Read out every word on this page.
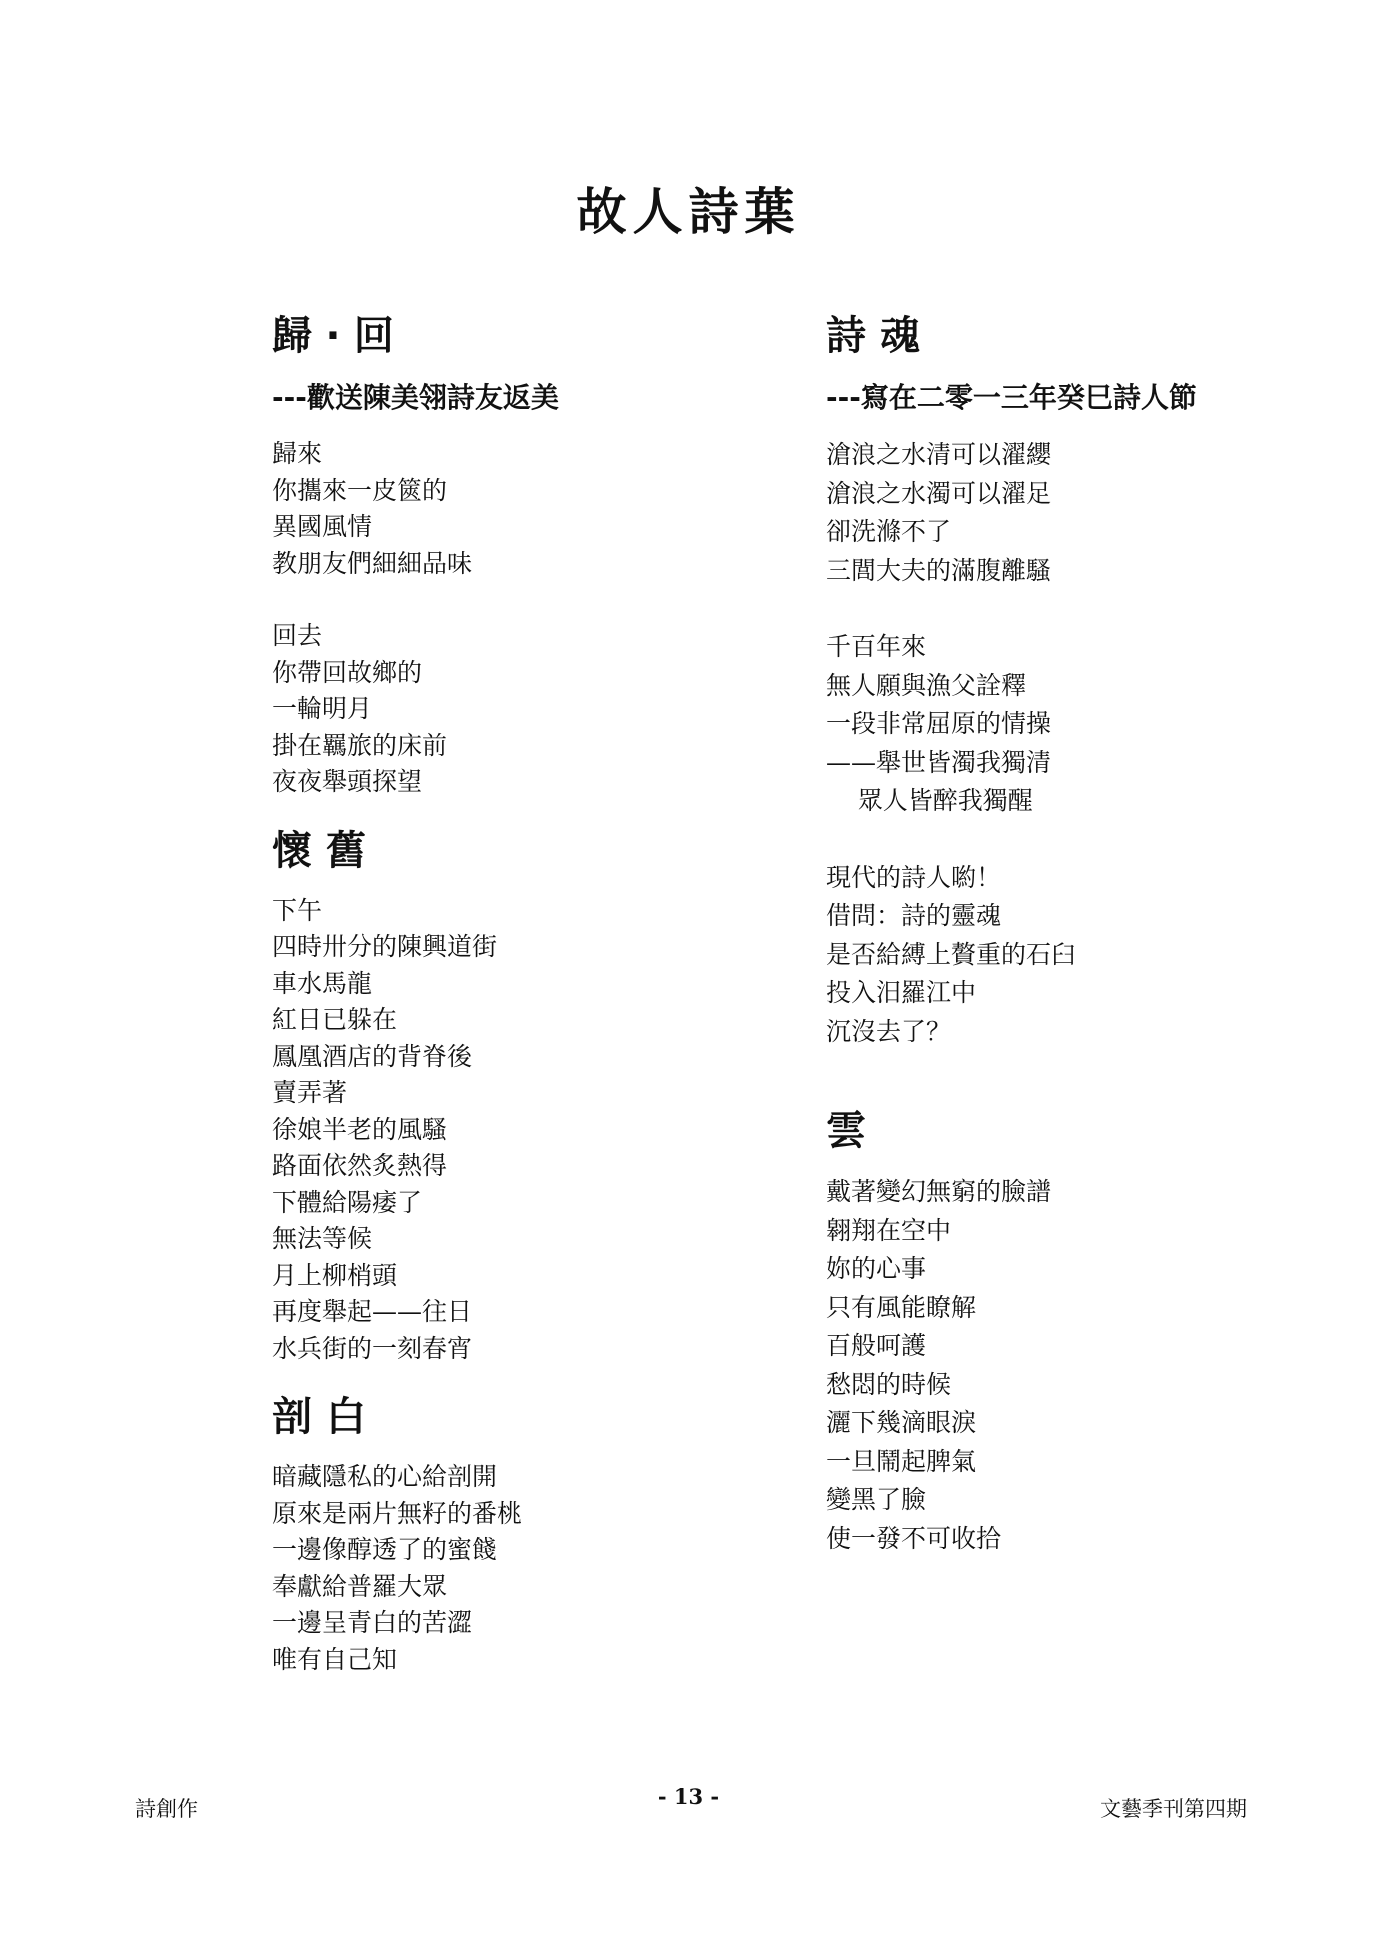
故人詩葉
歸‧回
---歡送陳美翎詩友返美
歸來
你攜來一皮篋的
異國風情
教朋友們細細品味
回去
你帶回故鄉的
一輪明月
掛在羈旅的床前
夜夜舉頭探望
懷舊
下午
四時卅分的陳興道街
車水馬龍
紅日已躲在
鳳凰酒店的背脊後
賣弄著
徐娘半老的風騷
路面依然炙熱得
下體給陽痿了
無法等候
月上柳梢頭
再度舉起——往日
水兵街的一刻春宵
剖白
暗藏隱私的心給剖開
原來是兩片無籽的番桃
一邊像醇透了的蜜餞
奉獻給普羅大眾
一邊呈青白的苦澀
唯有自己知
詩魂
---寫在二零一三年癸巳詩人節
滄浪之水清可以濯纓
滄浪之水濁可以濯足
卻洗滌不了
三閭大夫的滿腹離騷
千百年來
無人願與漁父詮釋
一段非常屈原的情操
——舉世皆濁我獨清
眾人皆醉我獨醒
現代的詩人喲！
借問：詩的靈魂
是否給縛上贅重的石臼
投入汨羅江中
沉沒去了？
雲
戴著變幻無窮的臉譜
翱翔在空中
妳的心事
只有風能瞭解
百般呵護
愁悶的時候
灑下幾滴眼淚
一旦鬧起脾氣
變黑了臉
使一發不可收拾
詩創作	- 13 -	文藝季刊第四期
